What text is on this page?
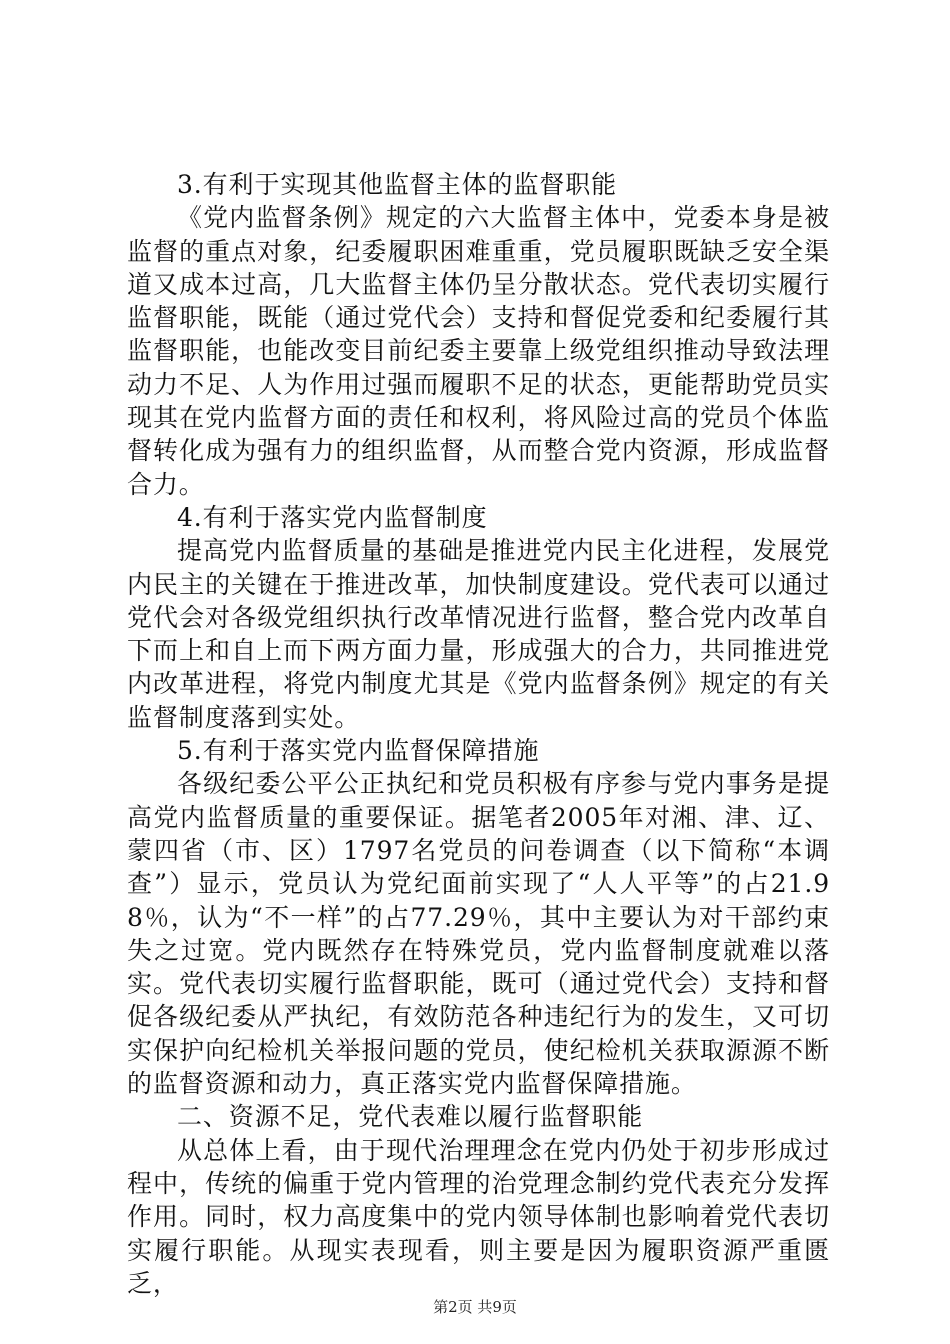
3.有利于实现其他监督主体的监督职能

《党内监督条例》规定的六大监督主体中，党委本身是被监督的重点对象，纪委履职困难重重，党员履职既缺乏安全渠道又成本过高，几大监督主体仍呈分散状态。党代表切实履行监督职能，既能（通过党代会）支持和督促党委和纪委履行其监督职能，也能改变目前纪委主要靠上级党组织推动导致法理动力不足、人为作用过强而履职不足的状态，更能帮助党员实现其在党内监督方面的责任和权利，将风险过高的党员个体监督转化成为强有力的组织监督，从而整合党内资源，形成监督合力。

4.有利于落实党内监督制度

提高党内监督质量的基础是推进党内民主化进程，发展党内民主的关键在于推进改革，加快制度建设。党代表可以通过党代会对各级党组织执行改革情况进行监督，整合党内改革自下而上和自上而下两方面力量，形成强大的合力，共同推进党内改革进程，将党内制度尤其是《党内监督条例》规定的有关监督制度落到实处。

5.有利于落实党内监督保障措施

各级纪委公平公正执纪和党员积极有序参与党内事务是提高党内监督质量的重要保证。据笔者2005年对湘、津、辽、蒙四省（市、区）1797名党员的问卷调查（以下简称“本调查”）显示，党员认为党纪面前实现了“人人平等”的占21.98％，认为“不一样”的占77.29％，其中主要认为对干部约束失之过宽。党内既然存在特殊党员，党内监督制度就难以落实。党代表切实履行监督职能，既可（通过党代会）支持和督促各级纪委从严执纪，有效防范各种违纪行为的发生，又可切实保护向纪检机关举报问题的党员，使纪检机关获取源源不断的监督资源和动力，真正落实党内监督保障措施。

二、资源不足，党代表难以履行监督职能

从总体上看，由于现代治理理念在党内仍处于初步形成过程中，传统的偏重于党内管理的治党理念制约党代表充分发挥作用。同时，权力高度集中的党内领导体制也影响着党代表切实履行职能。从现实表现看，则主要是因为履职资源严重匮乏，

第2页 共9页
